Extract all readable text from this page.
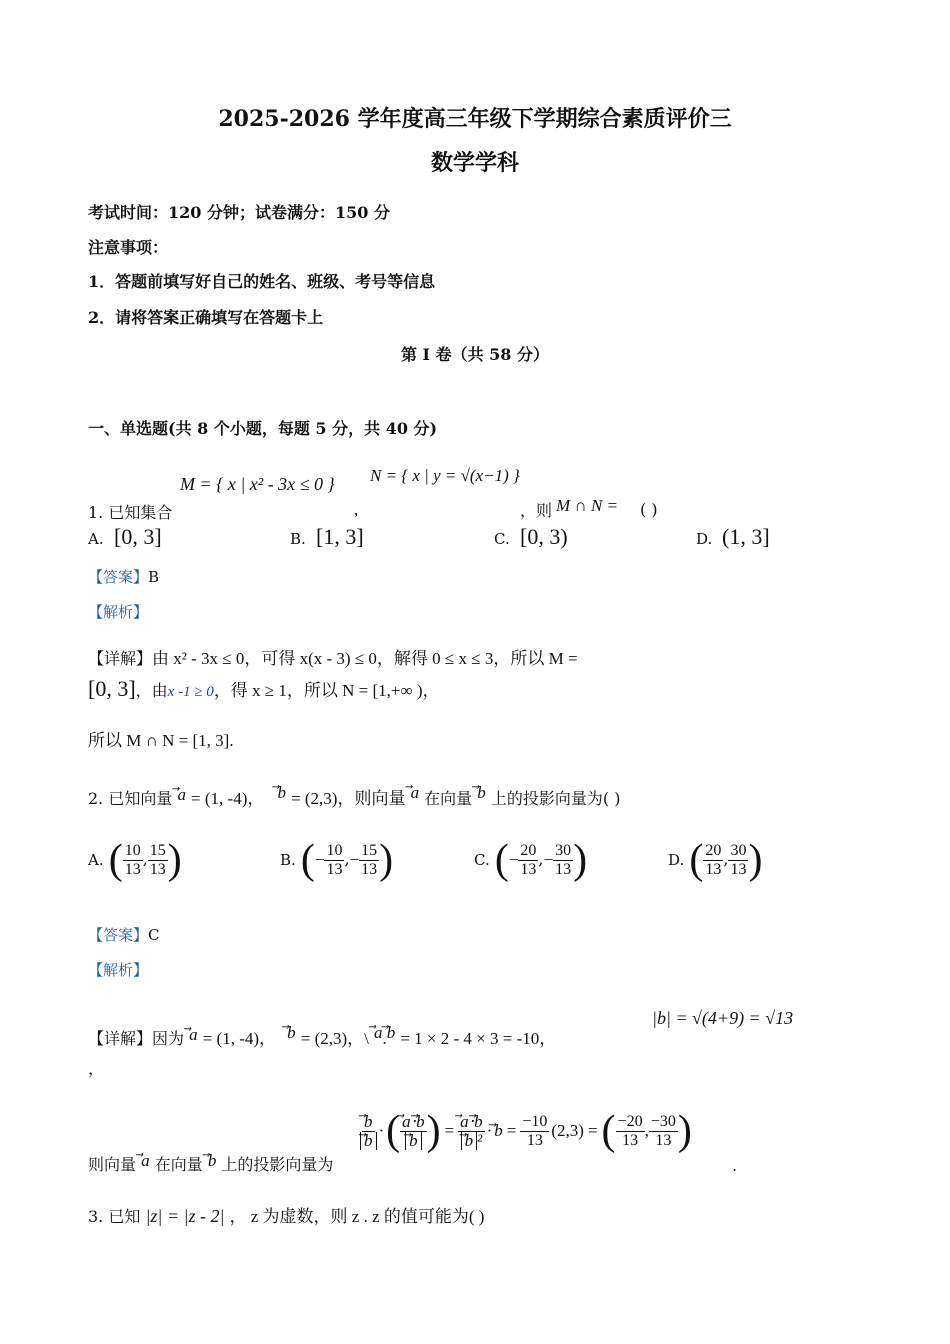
2025-2026 学年度高三年级下学期综合素质评价三
数学学科
考试时间：120 分钟；试卷满分：150 分
注意事项：
1．答题前填写好自己的姓名、班级、考号等信息
2．请将答案正确填写在答题卡上
第 I 卷（共 58 分）
一、单选题(共 8 个小题，每题 5 分，共 40 分)
1. 已知集合
M = { x | x² - 3x ≤ 0 }
,
N = { x | y = √(x−1) }
，则 M ∩ N = ( )
A. [0, 3]	B. [1, 3]	C. [0, 3)	D. (1, 3]
【答案】B
【解析】
【详解】由 x² - 3x ≤ 0，可得 x(x - 3) ≤ 0，解得 0 ≤ x ≤ 3，所以 M =
[0, 3]，由x -1 ≥ 0，得 x ≥ 1，所以 N = [1,+∞ )，
所以 M ∩ N = [1, 3].
2. 已知向量 a = (1, -4)， b = (2,3)，则向量 a 在向量 b 上的投影向量为( )
A. ( $\frac{10}{13}$ , $\frac{15}{13}$ )	B. (− $\frac{10}{13}$ ,− $\frac{15}{13}$ )	C. (− $\frac{20}{13}$ ,− $\frac{30}{13}$ )	D. ( $\frac{20}{13}$ , $\frac{30}{13}$ )
【答案】C
【解析】
【详解】因为 a = (1, -4)， b = (2,3)，\ a.b = 1 × 2 - 4 × 3 = -10，
|b| = √(4+9) = √13
，
$\frac{⃗b}{⃗b}$ · ( $\frac{⃗a\cdot⃗b}{⃗b}$ ) = $\frac{⃗a\cdot⃗b}{\text{⃗b ²}}$ · ⃗b = $\frac{-10}{13} (2,3)$ = ( $\frac{-20}{13}$ , $\frac{-30}{13}$ )
则向量 a 在向量 b 上的投影向量为	.
3. 已知 |z| = |z - 2| ， z 为虚数，则 z . z 的值可能为( )
